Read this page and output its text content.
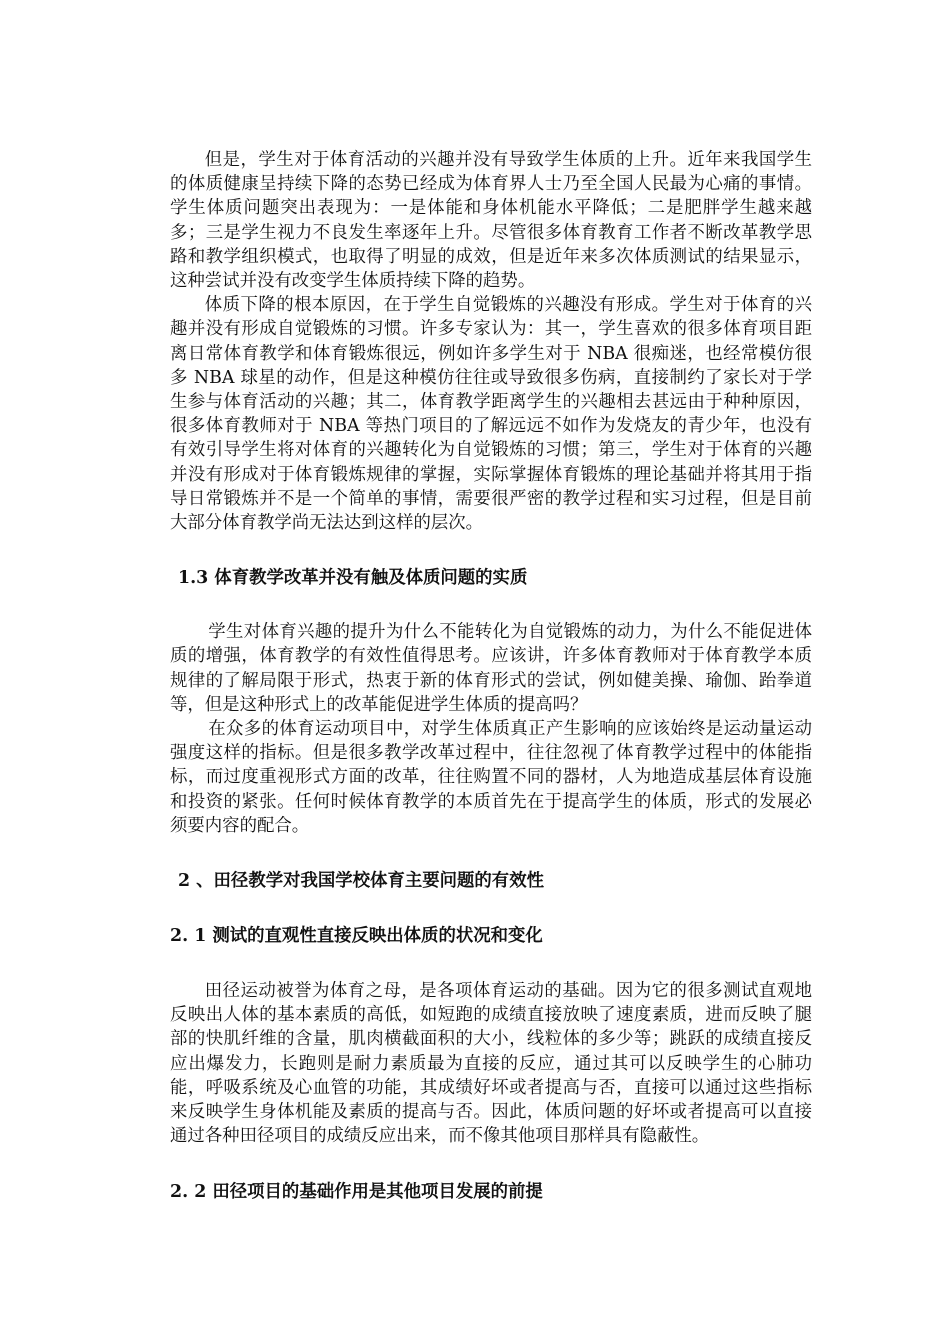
但是，学生对于体育活动的兴趣并没有导致学生体质的上升。近年来我国学生的体质健康呈持续下降的态势已经成为体育界人士乃至全国人民最为心痛的事情。学生体质问题突出表现为：一是体能和身体机能水平降低；二是肥胖学生越来越多；三是学生视力不良发生率逐年上升。尽管很多体育教育工作者不断改革教学思路和教学组织模式，也取得了明显的成效，但是近年来多次体质测试的结果显示，这种尝试并没有改变学生体质持续下降的趋势。

体质下降的根本原因，在于学生自觉锻炼的兴趣没有形成。学生对于体育的兴趣并没有形成自觉锻炼的习惯。许多专家认为：其一，学生喜欢的很多体育项目距离日常体育教学和体育锻炼很远，例如许多学生对于 NBA 很痴迷，也经常模仿很多 NBA 球星的动作，但是这种模仿往往或导致很多伤病，直接制约了家长对于学生参与体育活动的兴趣；其二，体育教学距离学生的兴趣相去甚远由于种种原因，很多体育教师对于 NBA 等热门项目的了解远远不如作为发烧友的青少年，也没有有效引导学生将对体育的兴趣转化为自觉锻炼的习惯；第三，学生对于体育的兴趣并没有形成对于体育锻炼规律的掌握，实际掌握体育锻炼的理论基础并将其用于指导日常锻炼并不是一个简单的事情，需要很严密的教学过程和实习过程，但是目前大部分体育教学尚无法达到这样的层次。

1.3 体育教学改革并没有触及体质问题的实质

学生对体育兴趣的提升为什么不能转化为自觉锻炼的动力，为什么不能促进体质的增强，体育教学的有效性值得思考。应该讲，许多体育教师对于体育教学本质规律的了解局限于形式，热衷于新的体育形式的尝试，例如健美操、瑜伽、跆拳道等，但是这种形式上的改革能促进学生体质的提高吗？

在众多的体育运动项目中，对学生体质真正产生影响的应该始终是运动量运动强度这样的指标。但是很多教学改革过程中，往往忽视了体育教学过程中的体能指标，而过度重视形式方面的改革，往往购置不同的器材，人为地造成基层体育设施和投资的紧张。任何时候体育教学的本质首先在于提高学生的体质，形式的发展必须要内容的配合。

2 、田径教学对我国学校体育主要问题的有效性
2. 1 测试的直观性直接反映出体质的状况和变化

田径运动被誉为体育之母，是各项体育运动的基础。因为它的很多测试直观地反映出人体的基本素质的高低，如短跑的成绩直接放映了速度素质，进而反映了腿部的快肌纤维的含量，肌肉横截面积的大小，线粒体的多少等；跳跃的成绩直接反应出爆发力，长跑则是耐力素质最为直接的反应，通过其可以反映学生的心肺功能，呼吸系统及心血管的功能，其成绩好坏或者提高与否，直接可以通过这些指标来反映学生身体机能及素质的提高与否。因此，体质问题的好坏或者提高可以直接通过各种田径项目的成绩反应出来，而不像其他项目那样具有隐蔽性。

2. 2 田径项目的基础作用是其他项目发展的前提
